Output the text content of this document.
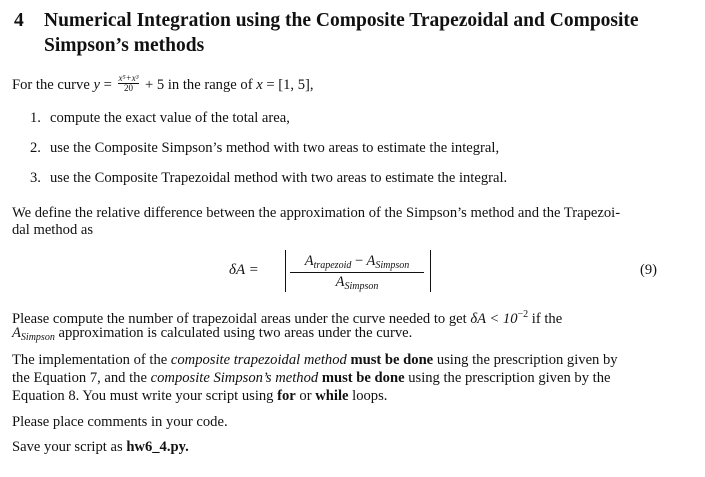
4 Numerical Integration using the Composite Trapezoidal and Composite
Simpson’s methods
For the curve $y = \frac{\text{x⁵+x³}}{20} + 5$ in the range of x = [1, 5],
1. compute the exact value of the total area,
2. use the Composite Simpson’s method with two areas to estimate the integral,
3. use the Composite Trapezoidal method with two areas to estimate the integral.
We define the relative difference between the approximation of the Simpson’s method and the Trapezoi-
dal method as
δA =
$A_{trapezoid} - A_{Simpson}$
$A_{Simpson}$
(9)
Please compute the number of trapezoidal areas under the curve needed to get $\delta A < 10^{-2}$ if the
$A_{Simpson}$ approximation is calculated using two areas under the curve.
The implementation of the composite trapezoidal method must be done using the prescription given by
the Equation 7, and the composite Simpson’s method must be done using the prescription given by the
Equation 8. You must write your script using for or while loops.
Please place comments in your code.
Save your script as hw6_4.py.
